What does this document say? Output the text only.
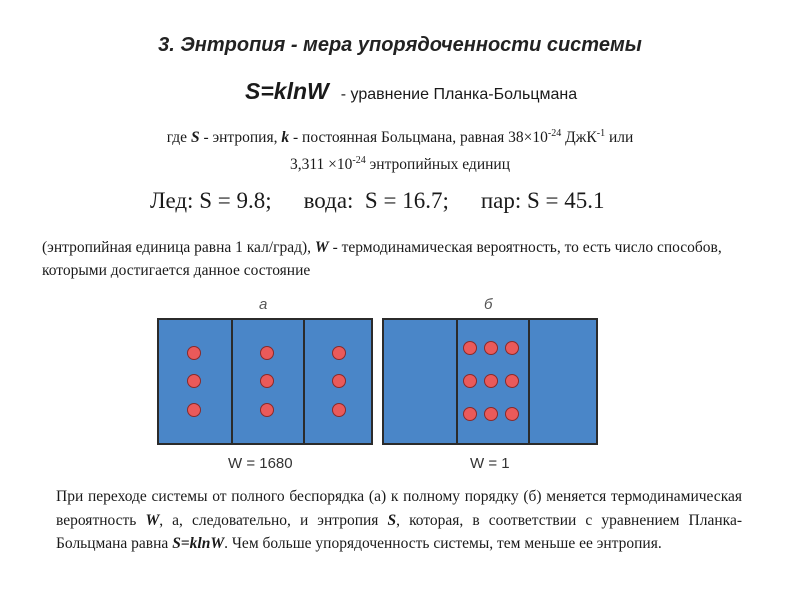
3. Энтропия - мера упорядоченности системы
S=klnW - уравнение Планка-Больцмана
где S - энтропия, k - постоянная Больцмана, равная $38\times 10^{-24}$ ДжК$^{-1}$ или
$3,311 \times 10^{-24}$ энтропийных единиц
Лед: S = 9.8; вода:  S = 16.7; пар: S = 45.1
(энтропийная единица равна 1 кал/град), W - термодинамическая вероятность, то есть число способов, которыми достигается данное состояние
а	б
W = 1680	W = 1
При переходе системы от полного беспорядка (а) к полному порядку (б) меняется термодинамическая вероятность W, а, следовательно, и энтропия S, которая, в соответствии с уравнением Планка-Больцмана равна S=klnW. Чем больше упорядоченность системы, тем меньше ее энтропия.
